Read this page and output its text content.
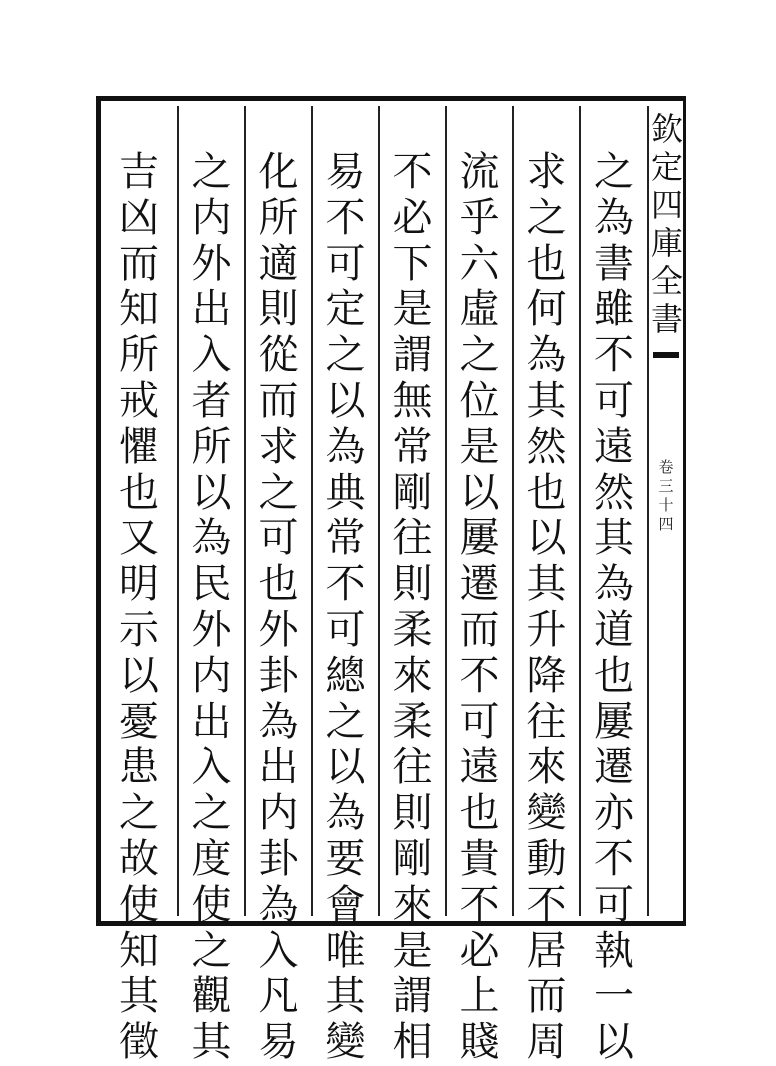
之
為
書
雖
不
可
遠
然
其
為
道
也
屢
遷
亦
不
可
執
一
以
求
之
也
何
為
其
然
也
以
其
升
降
往
來
變
動
不
居
而
周
流
乎
六
虛
之
位
是
以
屢
遷
而
不
可
遠
也
貴
不
必
上
賤
不
必
下
是
謂
無
常
剛
往
則
柔
來
柔
往
則
剛
來
是
謂
相
易
不
可
定
之
以
為
典
常
不
可
總
之
以
為
要
會
唯
其
變
化
所
適
則
從
而
求
之
可
也
外
卦
為
出
内
卦
為
入
凡
易
之
内
外
出
入
者
所
以
為
民
外
内
出
入
之
度
使
之
觀
其
吉
凶
而
知
所
戒
懼
也
又
明
示
以
憂
患
之
故
使
知
其
徵
欽
定
四
庫
全
書
卷
三
十
四
